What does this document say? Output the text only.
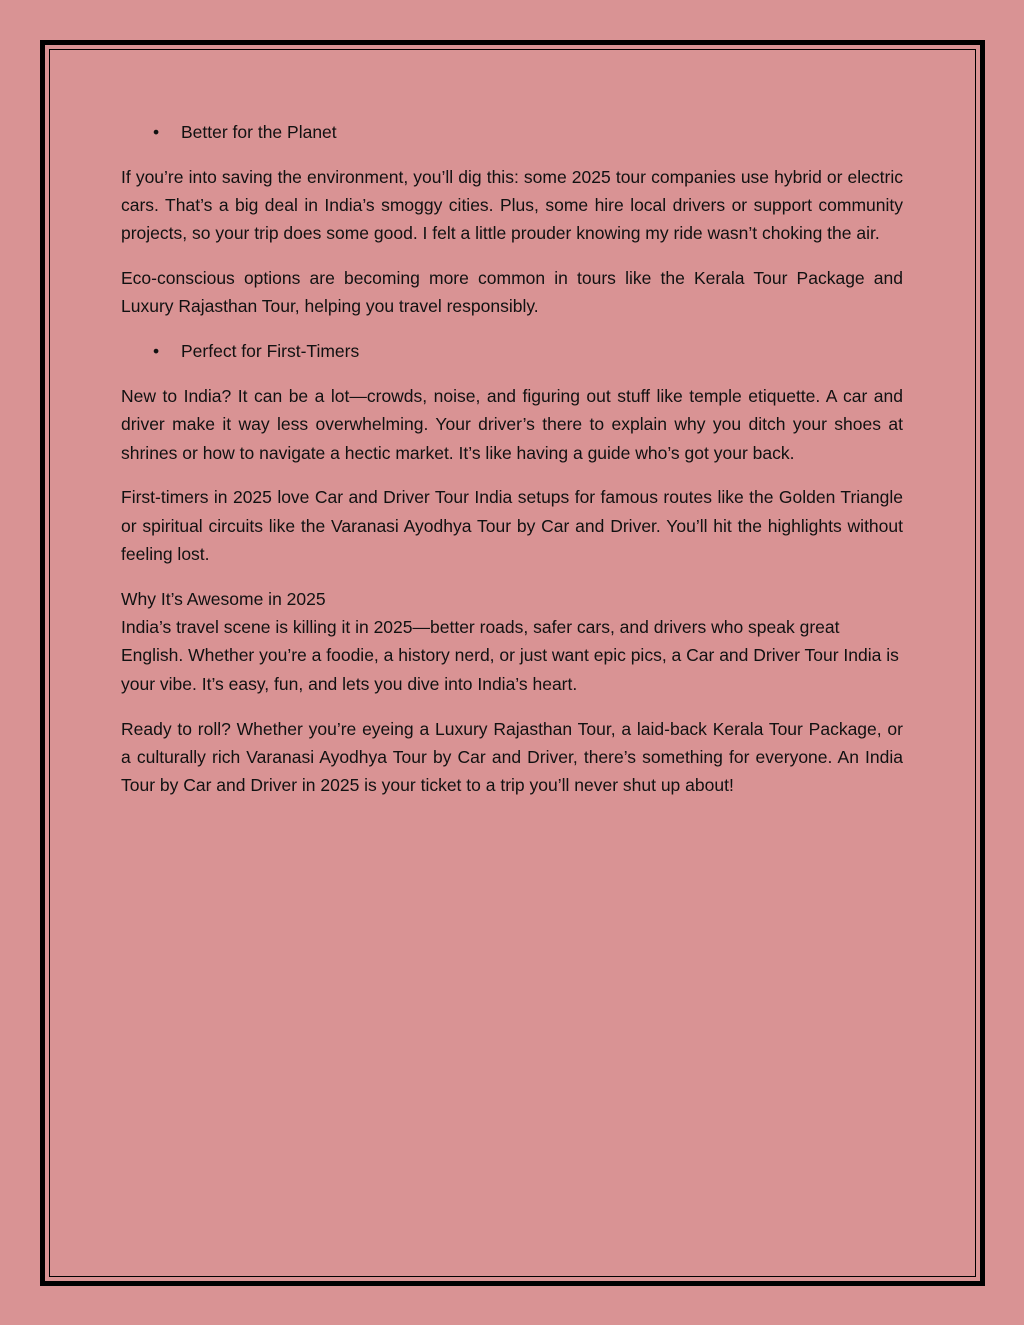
• Better for the Planet

If you’re into saving the environment, you’ll dig this: some 2025 tour companies use hybrid or electric cars. That’s a big deal in India’s smoggy cities. Plus, some hire local drivers or support community projects, so your trip does some good. I felt a little prouder knowing my ride wasn’t choking the air.

Eco-conscious options are becoming more common in tours like the Kerala Tour Package and Luxury Rajasthan Tour, helping you travel responsibly.

• Perfect for First-Timers

New to India? It can be a lot—crowds, noise, and figuring out stuff like temple etiquette. A car and driver make it way less overwhelming. Your driver’s there to explain why you ditch your shoes at shrines or how to navigate a hectic market. It’s like having a guide who’s got your back.

First-timers in 2025 love Car and Driver Tour India setups for famous routes like the Golden Triangle or spiritual circuits like the Varanasi Ayodhya Tour by Car and Driver. You’ll hit the highlights without feeling lost.

Why It’s Awesome in 2025
India’s travel scene is killing it in 2025—better roads, safer cars, and drivers who speak great English. Whether you’re a foodie, a history nerd, or just want epic pics, a Car and Driver Tour India is your vibe. It’s easy, fun, and lets you dive into India’s heart.

Ready to roll? Whether you’re eyeing a Luxury Rajasthan Tour, a laid-back Kerala Tour Package, or a culturally rich Varanasi Ayodhya Tour by Car and Driver, there’s something for everyone. An India Tour by Car and Driver in 2025 is your ticket to a trip you’ll never shut up about!
